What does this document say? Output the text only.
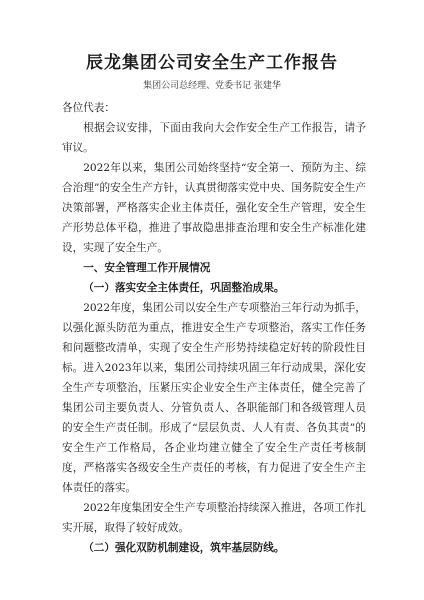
辰龙集团公司安全生产工作报告
集团公司总经理、党委书记 张建华

各位代表：

根据会议安排，下面由我向大会作安全生产工作报告，请予审议。

2022年以来，集团公司始终坚持“安全第一、预防为主、综合治理”的安全生产方针，认真贯彻落实党中央、国务院安全生产决策部署，严格落实企业主体责任，强化安全生产管理，安全生产形势总体平稳，推进了事故隐患排查治理和安全生产标准化建设，实现了安全生产。

一、安全管理工作开展情况

（一）落实安全主体责任，巩固整治成果。

2022年度，集团公司以安全生产专项整治三年行动为抓手，以强化源头防范为重点，推进安全生产专项整治，落实工作任务和问题整改清单，实现了安全生产形势持续稳定好转的阶段性目标。进入2023年以来，集团公司持续巩固三年行动成果，深化安全生产专项整治，压紧压实企业安全生产主体责任，健全完善了集团公司主要负责人、分管负责人、各职能部门和各级管理人员的安全生产责任制。形成了“层层负责、人人有责、各负其责”的安全生产工作格局，各企业均建立健全了安全生产责任考核制度，严格落实各级安全生产责任的考核，有力促进了安全生产主体责任的落实。

2022年度集团安全生产专项整治持续深入推进，各项工作扎实开展，取得了较好成效。

（二）强化双防机制建设，筑牢基层防线。
